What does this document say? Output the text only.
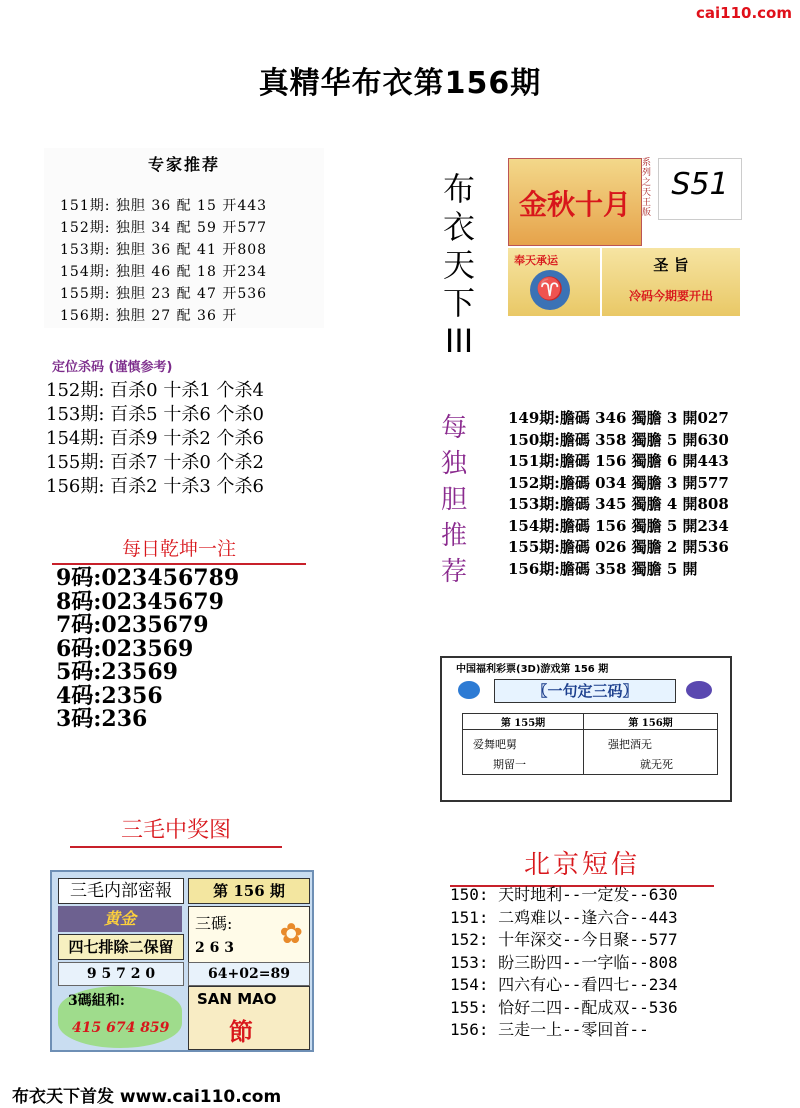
cai110.com
真精华布衣第156期
专家推荐
151期: 独胆 36 配 15 开443
152期: 独胆 34 配 59 开577
153期: 独胆 36 配 41 开808
154期: 独胆 46 配 18 开234
155期: 独胆 23 配 47 开536
156期: 独胆 27 配 36 开
定位杀码 (谨慎参考)
152期: 百杀0 十杀1 个杀4
153期: 百杀5 十杀6 个杀0
154期: 百杀9 十杀2 个杀6
155期: 百杀7 十杀0 个杀2
156期: 百杀2 十杀3 个杀6
每日乾坤一注
9码:023456789
8码:02345679
7码:0235679
6码:023569
5码:23569
4码:2356
3码:236
三毛中奖图
三毛内部密報	第 156 期
黄金
四七排除二保留
9 5 7 2 0
三碼:
2 6 3	✿
64+02=89
3碼組和:
415 674 859
SAN MAO
節
布
衣
天
下
III
金秋十月
系列之天王版
S51
奉天承运
♈
圣 旨
冷码今期要开出
每
独
胆
推
荐
149期:膽碼 346 獨膽 3 開027
150期:膽碼 358 獨膽 5 開630
151期:膽碼 156 獨膽 6 開443
152期:膽碼 034 獨膽 3 開577
153期:膽碼 345 獨膽 4 開808
154期:膽碼 156 獨膽 5 開234
155期:膽碼 026 獨膽 2 開536
156期:膽碼 358 獨膽 5 開
中国福利彩票(3D)游戏第 156 期
〖一句定三码〗
第 155期
爱舞吧舅
期留一
第 156期
强把酒无
就无死
北京短信
150: 天时地利--一定发--630
151: 二鸡难以--逢六合--443
152: 十年深交--今日聚--577
153: 盼三盼四--一字临--808
154: 四六有心--看四七--234
155: 恰好二四--配成双--536
156: 三走一上--零回首--
布衣天下首发 www.cai110.com
